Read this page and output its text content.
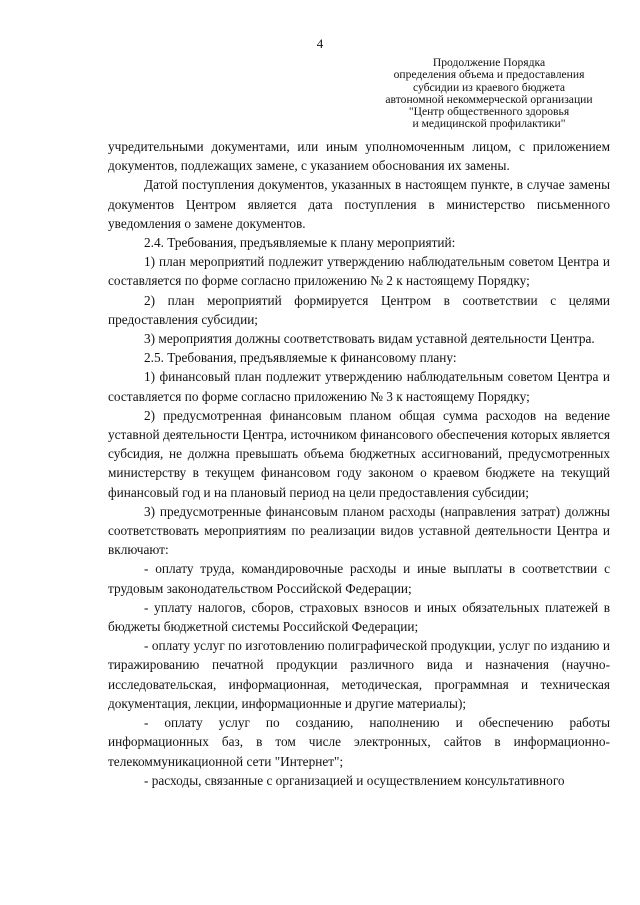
4
Продолжение Порядка
определения объема и предоставления
субсидии из краевого бюджета
автономной некоммерческой организации
"Центр общественного здоровья
и медицинской профилактики"

учредительными документами, или иным уполномоченным лицом, с приложением документов, подлежащих замене, с указанием обоснования их замены.

Датой поступления документов, указанных в настоящем пункте, в случае замены документов Центром является дата поступления в министерство письменного уведомления о замене документов.

2.4. Требования, предъявляемые к плану мероприятий:

1) план мероприятий подлежит утверждению наблюдательным советом Центра и составляется по форме согласно приложению № 2 к настоящему Порядку;

2) план мероприятий формируется Центром в соответствии с целями предоставления субсидии;

3) мероприятия должны соответствовать видам уставной деятельности Центра.

2.5. Требования, предъявляемые к финансовому плану:

1) финансовый план подлежит утверждению наблюдательным советом Центра и составляется по форме согласно приложению № 3 к настоящему Порядку;

2) предусмотренная финансовым планом общая сумма расходов на ведение уставной деятельности Центра, источником финансового обеспечения которых является субсидия, не должна превышать объема бюджетных ассигнований, предусмотренных министерству в текущем финансовом году законом о краевом бюджете на текущий финансовый год и на плановый период на цели предоставления субсидии;

3) предусмотренные финансовым планом расходы (направления затрат) должны соответствовать мероприятиям по реализации видов уставной деятельности Центра и включают:

- оплату труда, командировочные расходы и иные выплаты в соответствии с трудовым законодательством Российской Федерации;

- уплату налогов, сборов, страховых взносов и иных обязательных платежей в бюджеты бюджетной системы Российской Федерации;

- оплату услуг по изготовлению полиграфической продукции, услуг по изданию и тиражированию печатной продукции различного вида и назначения (научно-исследовательская, информационная, методическая, программная и техническая документация, лекции, информационные и другие материалы);

- оплату услуг по созданию, наполнению и обеспечению работы информационных баз, в том числе электронных, сайтов в информационно-телекоммуникационной сети "Интернет";

- расходы, связанные с организацией и осуществлением консультативного
